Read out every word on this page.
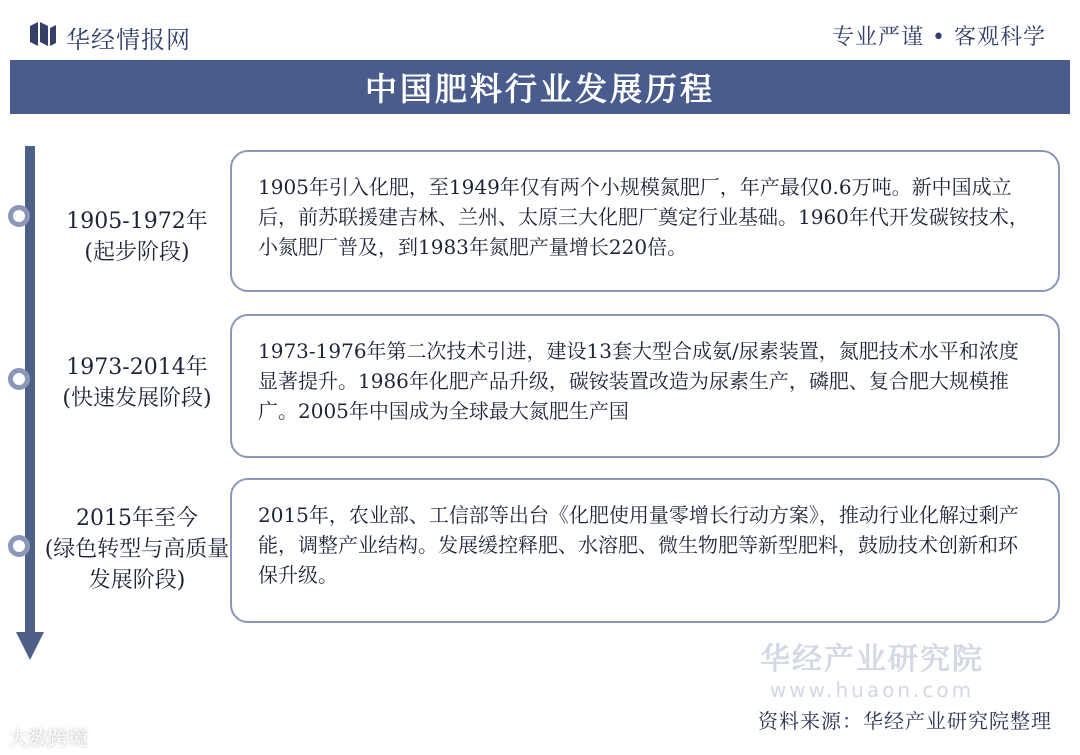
华经情报网	专业严谨 • 客观科学
中国肥料行业发展历程
1905-1972年
(起步阶段)
1905年引入化肥，至1949年仅有两个小规模氮肥厂，年产最仅0.6万吨。新中国成立后，前苏联援建吉林、兰州、太原三大化肥厂奠定行业基础。1960年代开发碳铵技术，小氮肥厂普及，到1983年氮肥产量增长220倍。
1973-2014年
(快速发展阶段)
1973-1976年第二次技术引进，建设13套大型合成氨/尿素装置，氮肥技术水平和浓度显著提升。1986年化肥产品升级，碳铵装置改造为尿素生产，磷肥、复合肥大规模推广。2005年中国成为全球最大氮肥生产国
2015年至今
(绿色转型与高质量发展阶段)
2015年，农业部、工信部等出台《化肥使用量零增长行动方案》，推动行业化解过剩产能，调整产业结构。发展缓控释肥、水溶肥、微生物肥等新型肥料，鼓励技术创新和环保升级。
华经产业研究院
www.huaon.com
资料来源：华经产业研究院整理
大数跨境
